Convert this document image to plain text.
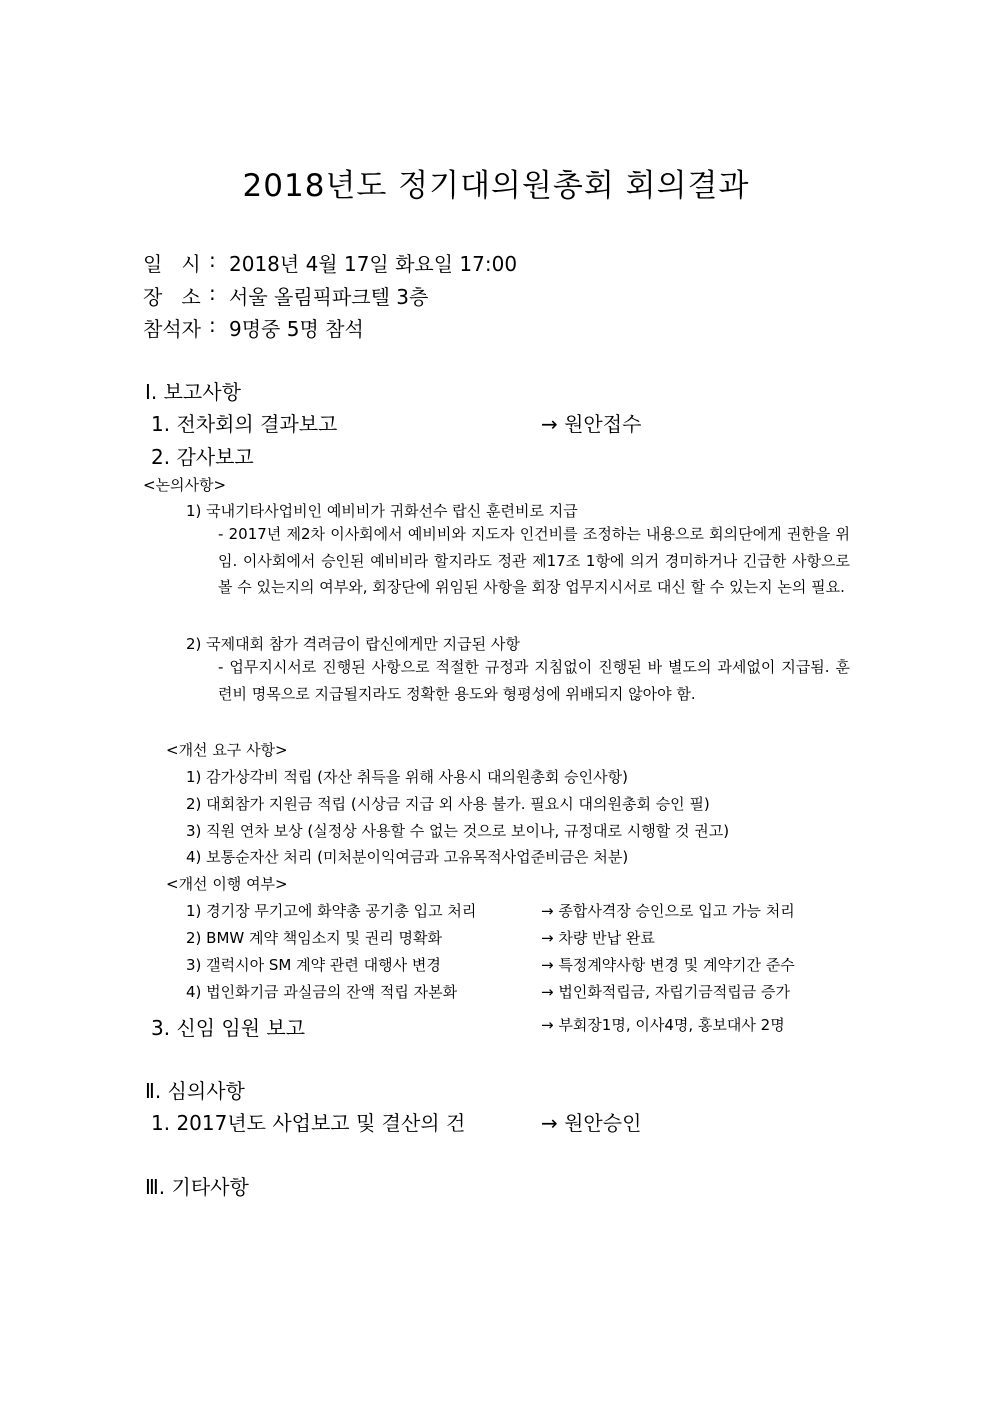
2018년도 정기대의원총회 회의결과
일   시 : 2018년 4월 17일 화요일 17:00
장   소 : 서울 올림픽파크텔 3층
참석자 : 9명중 5명 참석
Ⅰ. 보고사항
1. 전차회의 결과보고	→ 원안접수
2. 감사보고
<논의사항>
1) 국내기타사업비인 예비비가 귀화선수 랍신 훈련비로 지급
- 2017년 제2차 이사회에서 예비비와 지도자 인건비를 조정하는 내용으로 회의단에게 권한을 위임. 이사회에서 승인된 예비비라 할지라도 정관 제17조 1항에 의거 경미하거나 긴급한 사항으로 볼 수 있는지의 여부와, 회장단에 위임된 사항을 회장 업무지시서로 대신 할 수 있는지 논의 필요.
2) 국제대회 참가 격려금이 랍신에게만 지급된 사항
- 업무지시서로 진행된 사항으로 적절한 규정과 지침없이 진행된 바 별도의 과세없이 지급됨. 훈련비 명목으로 지급될지라도 정확한 용도와 형평성에 위배되지 않아야 함.
<개선 요구 사항>
1) 감가상각비 적립 (자산 취득을 위해 사용시 대의원총회 승인사항)
2) 대회참가 지원금 적립 (시상금 지급 외 사용 불가. 필요시 대의원총회 승인 필)
3) 직원 연차 보상 (실정상 사용할 수 없는 것으로 보이나, 규정대로 시행할 것 권고)
4) 보통순자산 처리 (미처분이익여금과 고유목적사업준비금은 처분)
<개선 이행 여부>
1) 경기장 무기고에 화약총 공기총 입고 처리	→ 종합사격장 승인으로 입고 가능 처리
2) BMW 계약 책임소지 및 권리 명확화	→ 차량 반납 완료
3) 갤럭시아 SM 계약 관련 대행사 변경	→ 특정계약사항 변경 및 계약기간 준수
4) 법인화기금 과실금의 잔액 적립 자본화	→ 법인화적립금, 자립기금적립금 증가
3. 신임 임원 보고	→ 부회장1명, 이사4명, 홍보대사 2명
Ⅱ. 심의사항
1. 2017년도 사업보고 및 결산의 건	→ 원안승인
Ⅲ. 기타사항
